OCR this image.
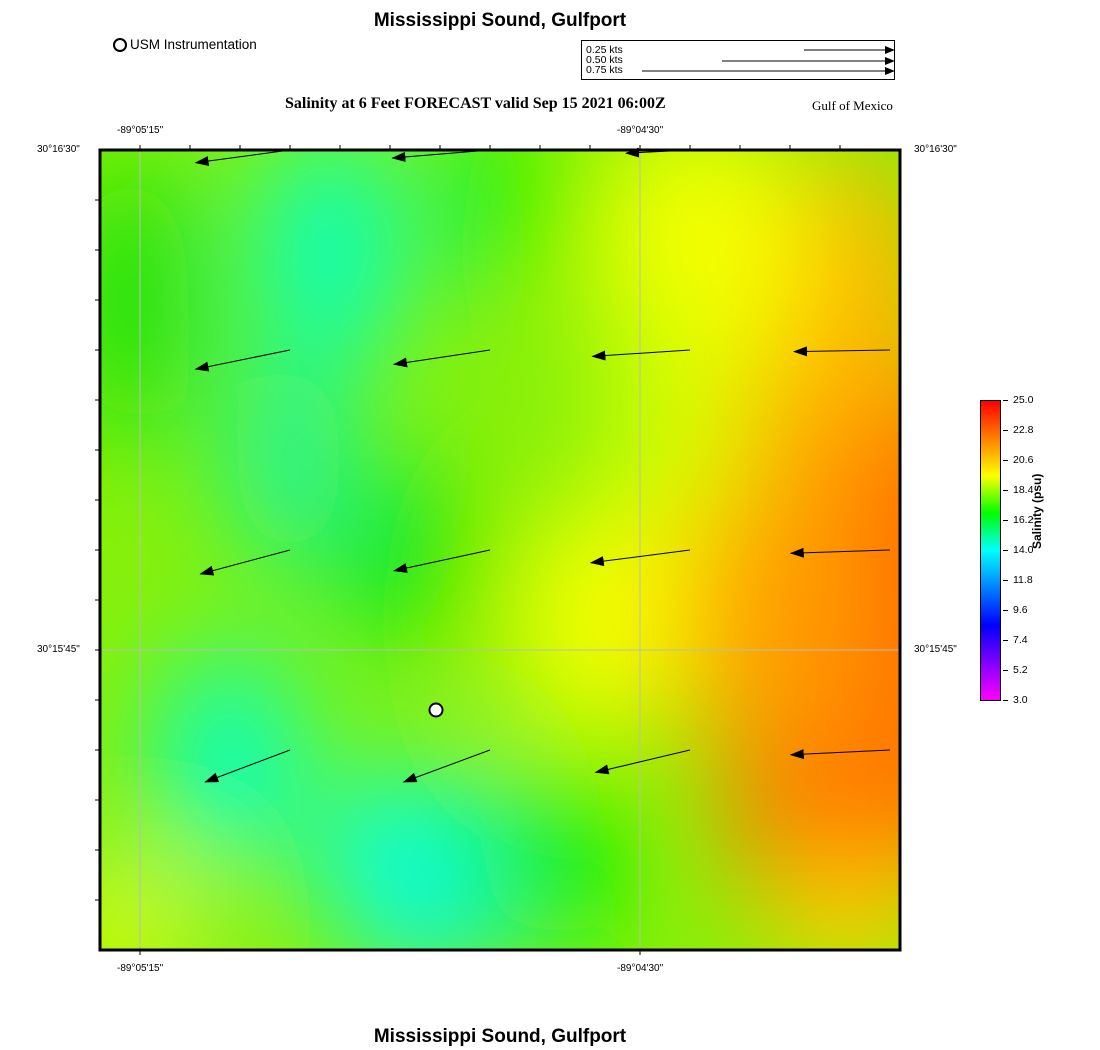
Mississippi Sound, Gulfport
USM Instrumentation	0.25 kts
0.50 kts
0.75 kts
Salinity at 6 Feet FORECAST valid Sep 15 2021 06:00Z	Gulf of Mexico
-89°05'15"	-89°04'30"
-89°05'15"	-89°04'30"
30°16'30"
30°15'45"
30°16'30"
30°15'45"
25.0
22.8
20.6
18.4
16.2
14.0
11.8
9.6
7.4
5.2
3.0
Salinity (psu)
Mississippi Sound, Gulfport
